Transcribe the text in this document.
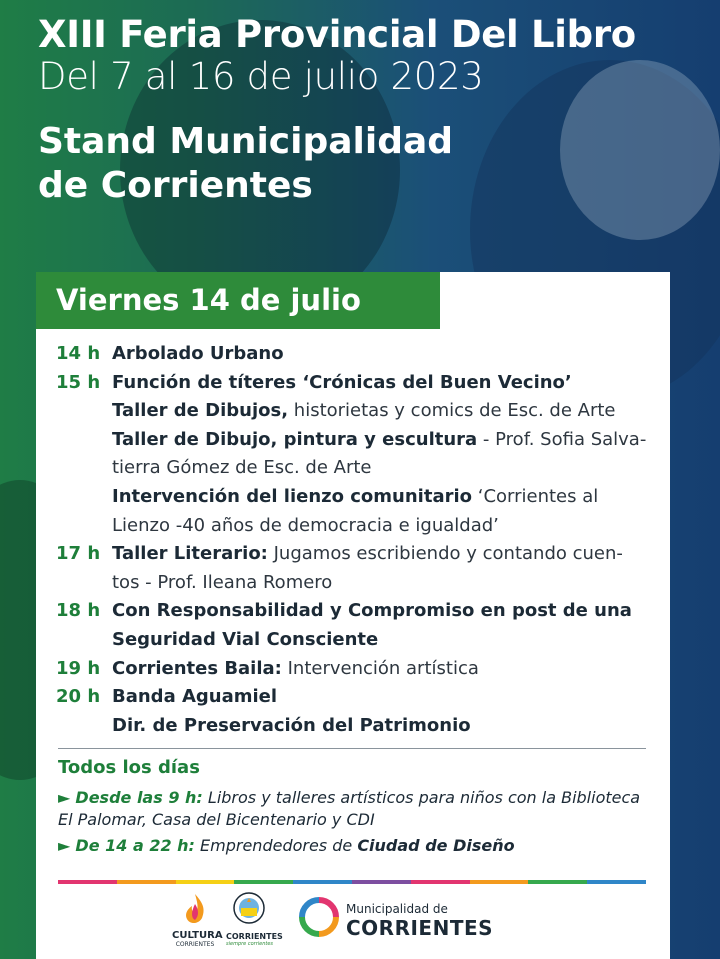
XIII Feria Provincial Del Libro
Del 7 al 16 de julio 2023
Stand Municipalidad
de Corrientes
Viernes 14 de julio
14 h Arbolado Urbano
15 h Función de títeres ‘Crónicas del Buen Vecino’
Taller de Dibujos, historietas y comics de Esc. de Arte
Taller de Dibujo, pintura y escultura - Prof. Sofia Salva-
tierra Gómez de Esc. de Arte
Intervención del lienzo comunitario ‘Corrientes al
Lienzo -40 años de democracia e igualdad’
17 h Taller Literario: Jugamos escribiendo y contando cuen-
tos - Prof. Ileana Romero
18 h Con Responsabilidad y Compromiso en post de una
Seguridad Vial Consciente
19 h Corrientes Baila: Intervención artística
20 h Banda Aguamiel
Dir. de Preservación del Patrimonio
Todos los días
► Desde las 9 h: Libros y talleres artísticos para niños con la Biblioteca
El Palomar, Casa del Bicentenario y CDI
► De 14 a 22 h: Emprendedores de Ciudad de Diseño
CULTURA
CORRIENTES
CORRIENTES
siempre corrientes
Municipalidad de
CORRIENTES
